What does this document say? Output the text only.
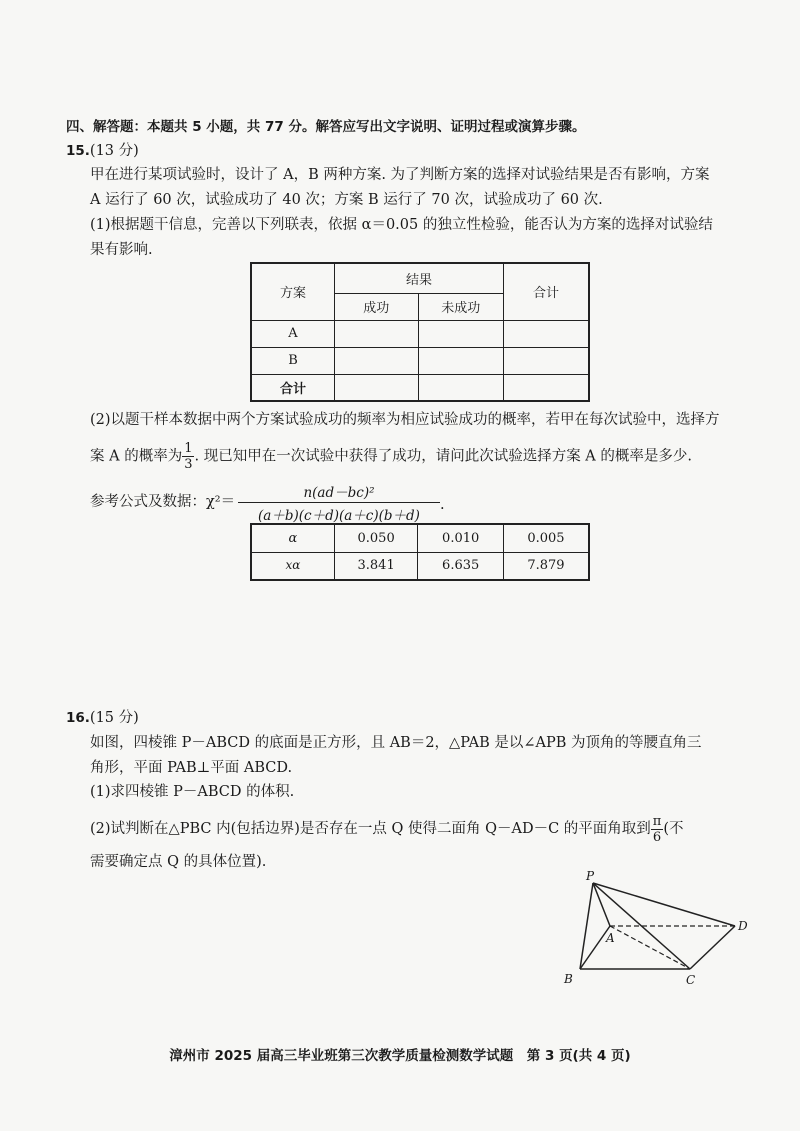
四、解答题：本题共 5 小题，共 77 分。解答应写出文字说明、证明过程或演算步骤。
15.(13 分)
甲在进行某项试验时，设计了 A，B 两种方案. 为了判断方案的选择对试验结果是否有影响，方案
A 运行了 60 次，试验成功了 40 次；方案 B 运行了 70 次，试验成功了 60 次.
(1)根据题干信息，完善以下列联表，依据 α＝0.05 的独立性检验，能否认为方案的选择对试验结
果有影响.
方案	结果		合计
	成功	未成功	
A			
B			
合计			
(2)以题干样本数据中两个方案试验成功的频率为相应试验成功的概率，若甲在每次试验中，选择方
案 A 的概率为 $\frac{1}{3}$ . 现已知甲在一次试验中获得了成功，请问此次试验选择方案 A 的概率是多少.
参考公式及数据：$\chi^2= \frac{\text{n(ad－bc)²}}{(a+b)(c+d)(a+c)(b+d)}$ .
α	0.050	0.010	0.005
xα	3.841	6.635	7.879
16.(15 分)
如图，四棱锥 P－ABCD 的底面是正方形，且 AB＝2，△PAB 是以∠APB 为顶角的等腰直角三
角形，平面 PAB⊥平面 ABCD.
(1)求四棱锥 P－ABCD 的体积.
(2)试判断在△PBC 内(包括边界)是否存在一点 Q 使得二面角 Q－AD－C 的平面角取到 $\frac{\pi}{6}$ (不
需要确定点 Q 的具体位置).
P
A
B	C
D
漳州市 2025 届高三毕业班第三次教学质量检测数学试题　第 3 页(共 4 页)
